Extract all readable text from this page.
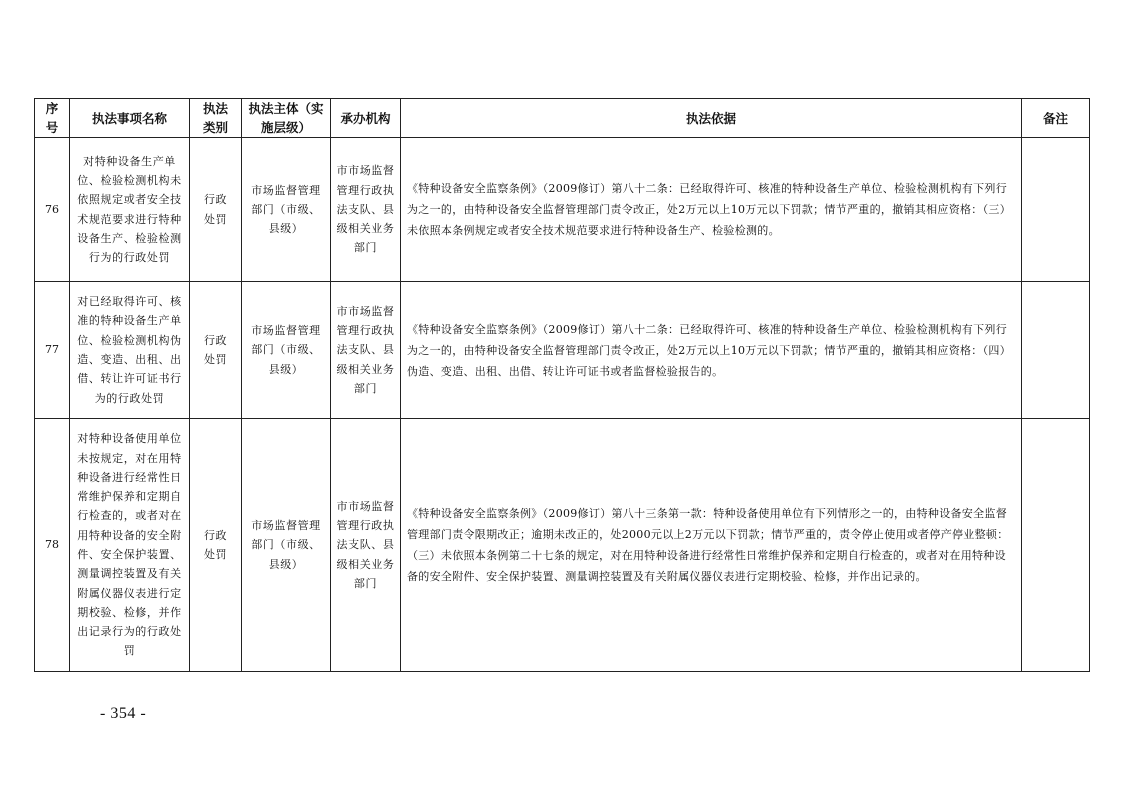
序号	执法事项名称	执法类别	执法主体（实施层级）	承办机构	执法依据	备注
76	对特种设备生产单位、检验检测机构未依照规定或者安全技术规范要求进行特种设备生产、检验检测行为的行政处罚	行政处罚	市场监督管理部门（市级、县级）	市市场监督管理行政执法支队、县级相关业务部门	《特种设备安全监察条例》（2009修订）第八十二条：已经取得许可、核准的特种设备生产单位、检验检测机构有下列行为之一的，由特种设备安全监督管理部门责令改正，处2万元以上10万元以下罚款；情节严重的，撤销其相应资格：（三）未依照本条例规定或者安全技术规范要求进行特种设备生产、检验检测的。	
77	对已经取得许可、核准的特种设备生产单位、检验检测机构伪造、变造、出租、出借、转让许可证书行为的行政处罚	行政处罚	市场监督管理部门（市级、县级）	市市场监督管理行政执法支队、县级相关业务部门	《特种设备安全监察条例》（2009修订）第八十二条：已经取得许可、核准的特种设备生产单位、检验检测机构有下列行为之一的，由特种设备安全监督管理部门责令改正，处2万元以上10万元以下罚款；情节严重的，撤销其相应资格：（四）伪造、变造、出租、出借、转让许可证书或者监督检验报告的。	
78	对特种设备使用单位未按规定，对在用特种设备进行经常性日常维护保养和定期自行检查的，或者对在用特种设备的安全附件、安全保护装置、测量调控装置及有关附属仪器仪表进行定期校验、检修，并作出记录行为的行政处罚	行政处罚	市场监督管理部门（市级、县级）	市市场监督管理行政执法支队、县级相关业务部门	《特种设备安全监察条例》（2009修订）第八十三条第一款：特种设备使用单位有下列情形之一的，由特种设备安全监督管理部门责令限期改正；逾期未改正的，处2000元以上2万元以下罚款；情节严重的，责令停止使用或者停产停业整顿：（三）未依照本条例第二十七条的规定，对在用特种设备进行经常性日常维护保养和定期自行检查的，或者对在用特种设备的安全附件、安全保护装置、测量调控装置及有关附属仪器仪表进行定期校验、检修，并作出记录的。	
- 354 -
